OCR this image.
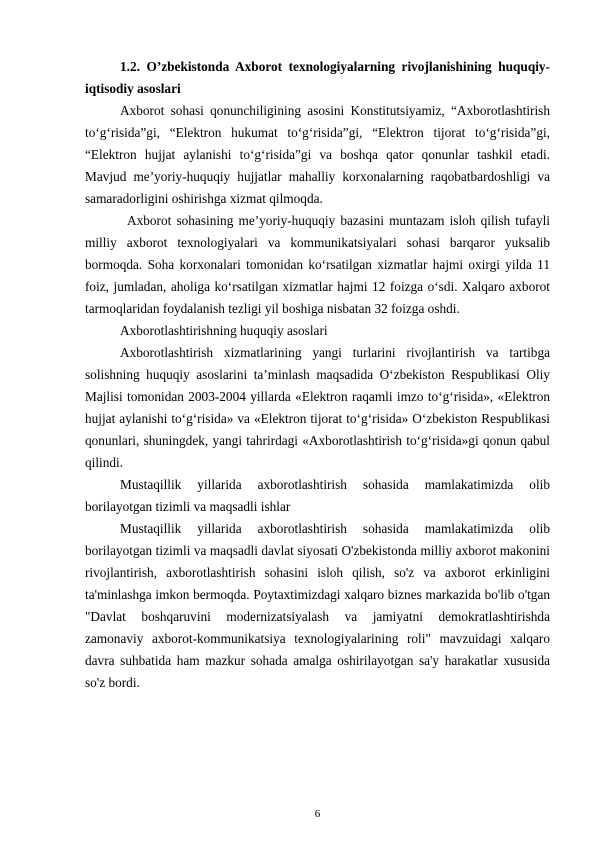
1.2. O’zbekistonda Axborot texnologiyalarning rivojlanishining huquqiy-iqtisodiy asoslari

Axborot sohasi qonunchiligining asosini Konstitutsiyamiz, “Axborotlashtirish to‘g‘risida”gi, “Elektron hukumat to‘g‘risida”gi, “Elektron tijorat to‘g‘risida”gi, “Elektron hujjat aylanishi to‘g‘risida”gi va boshqa qator qonunlar tashkil etadi. Mavjud me’yoriy-huquqiy hujjatlar mahalliy korxonalarning raqobatbardoshligi va samaradorligini oshirishga xizmat qilmoqda.

Axborot sohasining me’yoriy-huquqiy bazasini muntazam isloh qilish tufayli milliy axborot texnologiyalari va kommunikatsiyalari sohasi barqaror yuksalib bormoqda. Soha korxonalari tomonidan ko‘rsatilgan xizmatlar hajmi oxirgi yilda 11 foiz, jumladan, aholiga ko‘rsatilgan xizmatlar hajmi 12 foizga o‘sdi. Xalqaro axborot tarmoqlaridan foydalanish tezligi yil boshiga nisbatan 32 foizga oshdi.

Axborotlashtirishning huquqiy asoslari

Axborotlashtirish xizmatlarining yangi turlarini rivojlantirish va tartibga solishning huquqiy asoslarini ta’minlash maqsadida O‘zbekiston Respublikasi Oliy Majlisi tomonidan 2003-2004 yillarda «Elektron raqamli imzo to‘g‘risida», «Elektron hujjat aylanishi to‘g‘risida» va «Elektron tijorat to‘g‘risida» O‘zbekiston Respublikasi qonunlari, shuningdek, yangi tahrirdagi «Axborotlashtirish to‘g‘risida»gi qonun qabul qilindi.

Mustaqillik yillarida axborotlashtirish sohasida mamlakatimizda olib borilayotgan tizimli va maqsadli ishlar

Mustaqillik yillarida axborotlashtirish sohasida mamlakatimizda olib borilayotgan tizimli va maqsadli davlat siyosati O'zbekistonda milliy axborot makonini rivojlantirish, axborotlashtirish sohasini isloh qilish, so'z va axborot erkinligini ta'minlashga imkon bermoqda. Poytaxtimizdagi xalqaro biznes markazida bo'lib o'tgan "Davlat boshqaruvini modernizatsiyalash va jamiyatni demokratlashtirishda zamonaviy axborot-kommunikatsiya texnologiyalarining roli" mavzuidagi xalqaro davra suhbatida ham mazkur sohada amalga oshirilayotgan sa'y harakatlar xususida so'z bordi.

6
